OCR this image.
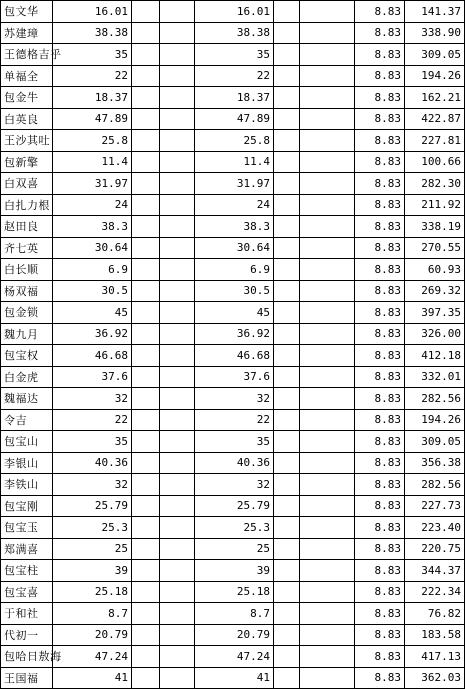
包文华	16.01			16.01			8.83	141.37
苏建璋	38.38			38.38			8.83	338.90
王德格吉乎	35			35			8.83	309.05
单福全	22			22			8.83	194.26
包金牛	18.37			18.37			8.83	162.21
白英良	47.89			47.89			8.83	422.87
王沙其吐	25.8			25.8			8.83	227.81
包新擎	11.4			11.4			8.83	100.66
白双喜	31.97			31.97			8.83	282.30
白扎力根	24			24			8.83	211.92
赵田良	38.3			38.3			8.83	338.19
齐七英	30.64			30.64			8.83	270.55
白长顺	6.9			6.9			8.83	60.93
杨双福	30.5			30.5			8.83	269.32
包金锁	45			45			8.83	397.35
魏九月	36.92			36.92			8.83	326.00
包宝权	46.68			46.68			8.83	412.18
白金虎	37.6			37.6			8.83	332.01
魏福达	32			32			8.83	282.56
令吉	22			22			8.83	194.26
包宝山	35			35			8.83	309.05
李银山	40.36			40.36			8.83	356.38
李铁山	32			32			8.83	282.56
包宝刚	25.79			25.79			8.83	227.73
包宝玉	25.3			25.3			8.83	223.40
郑满喜	25			25			8.83	220.75
包宝柱	39			39			8.83	344.37
包宝喜	25.18			25.18			8.83	222.34
于和社	8.7			8.7			8.83	76.82
代初一	20.79			20.79			8.83	183.58
包哈日敖海	47.24			47.24			8.83	417.13
王国福	41			41			8.83	362.03
